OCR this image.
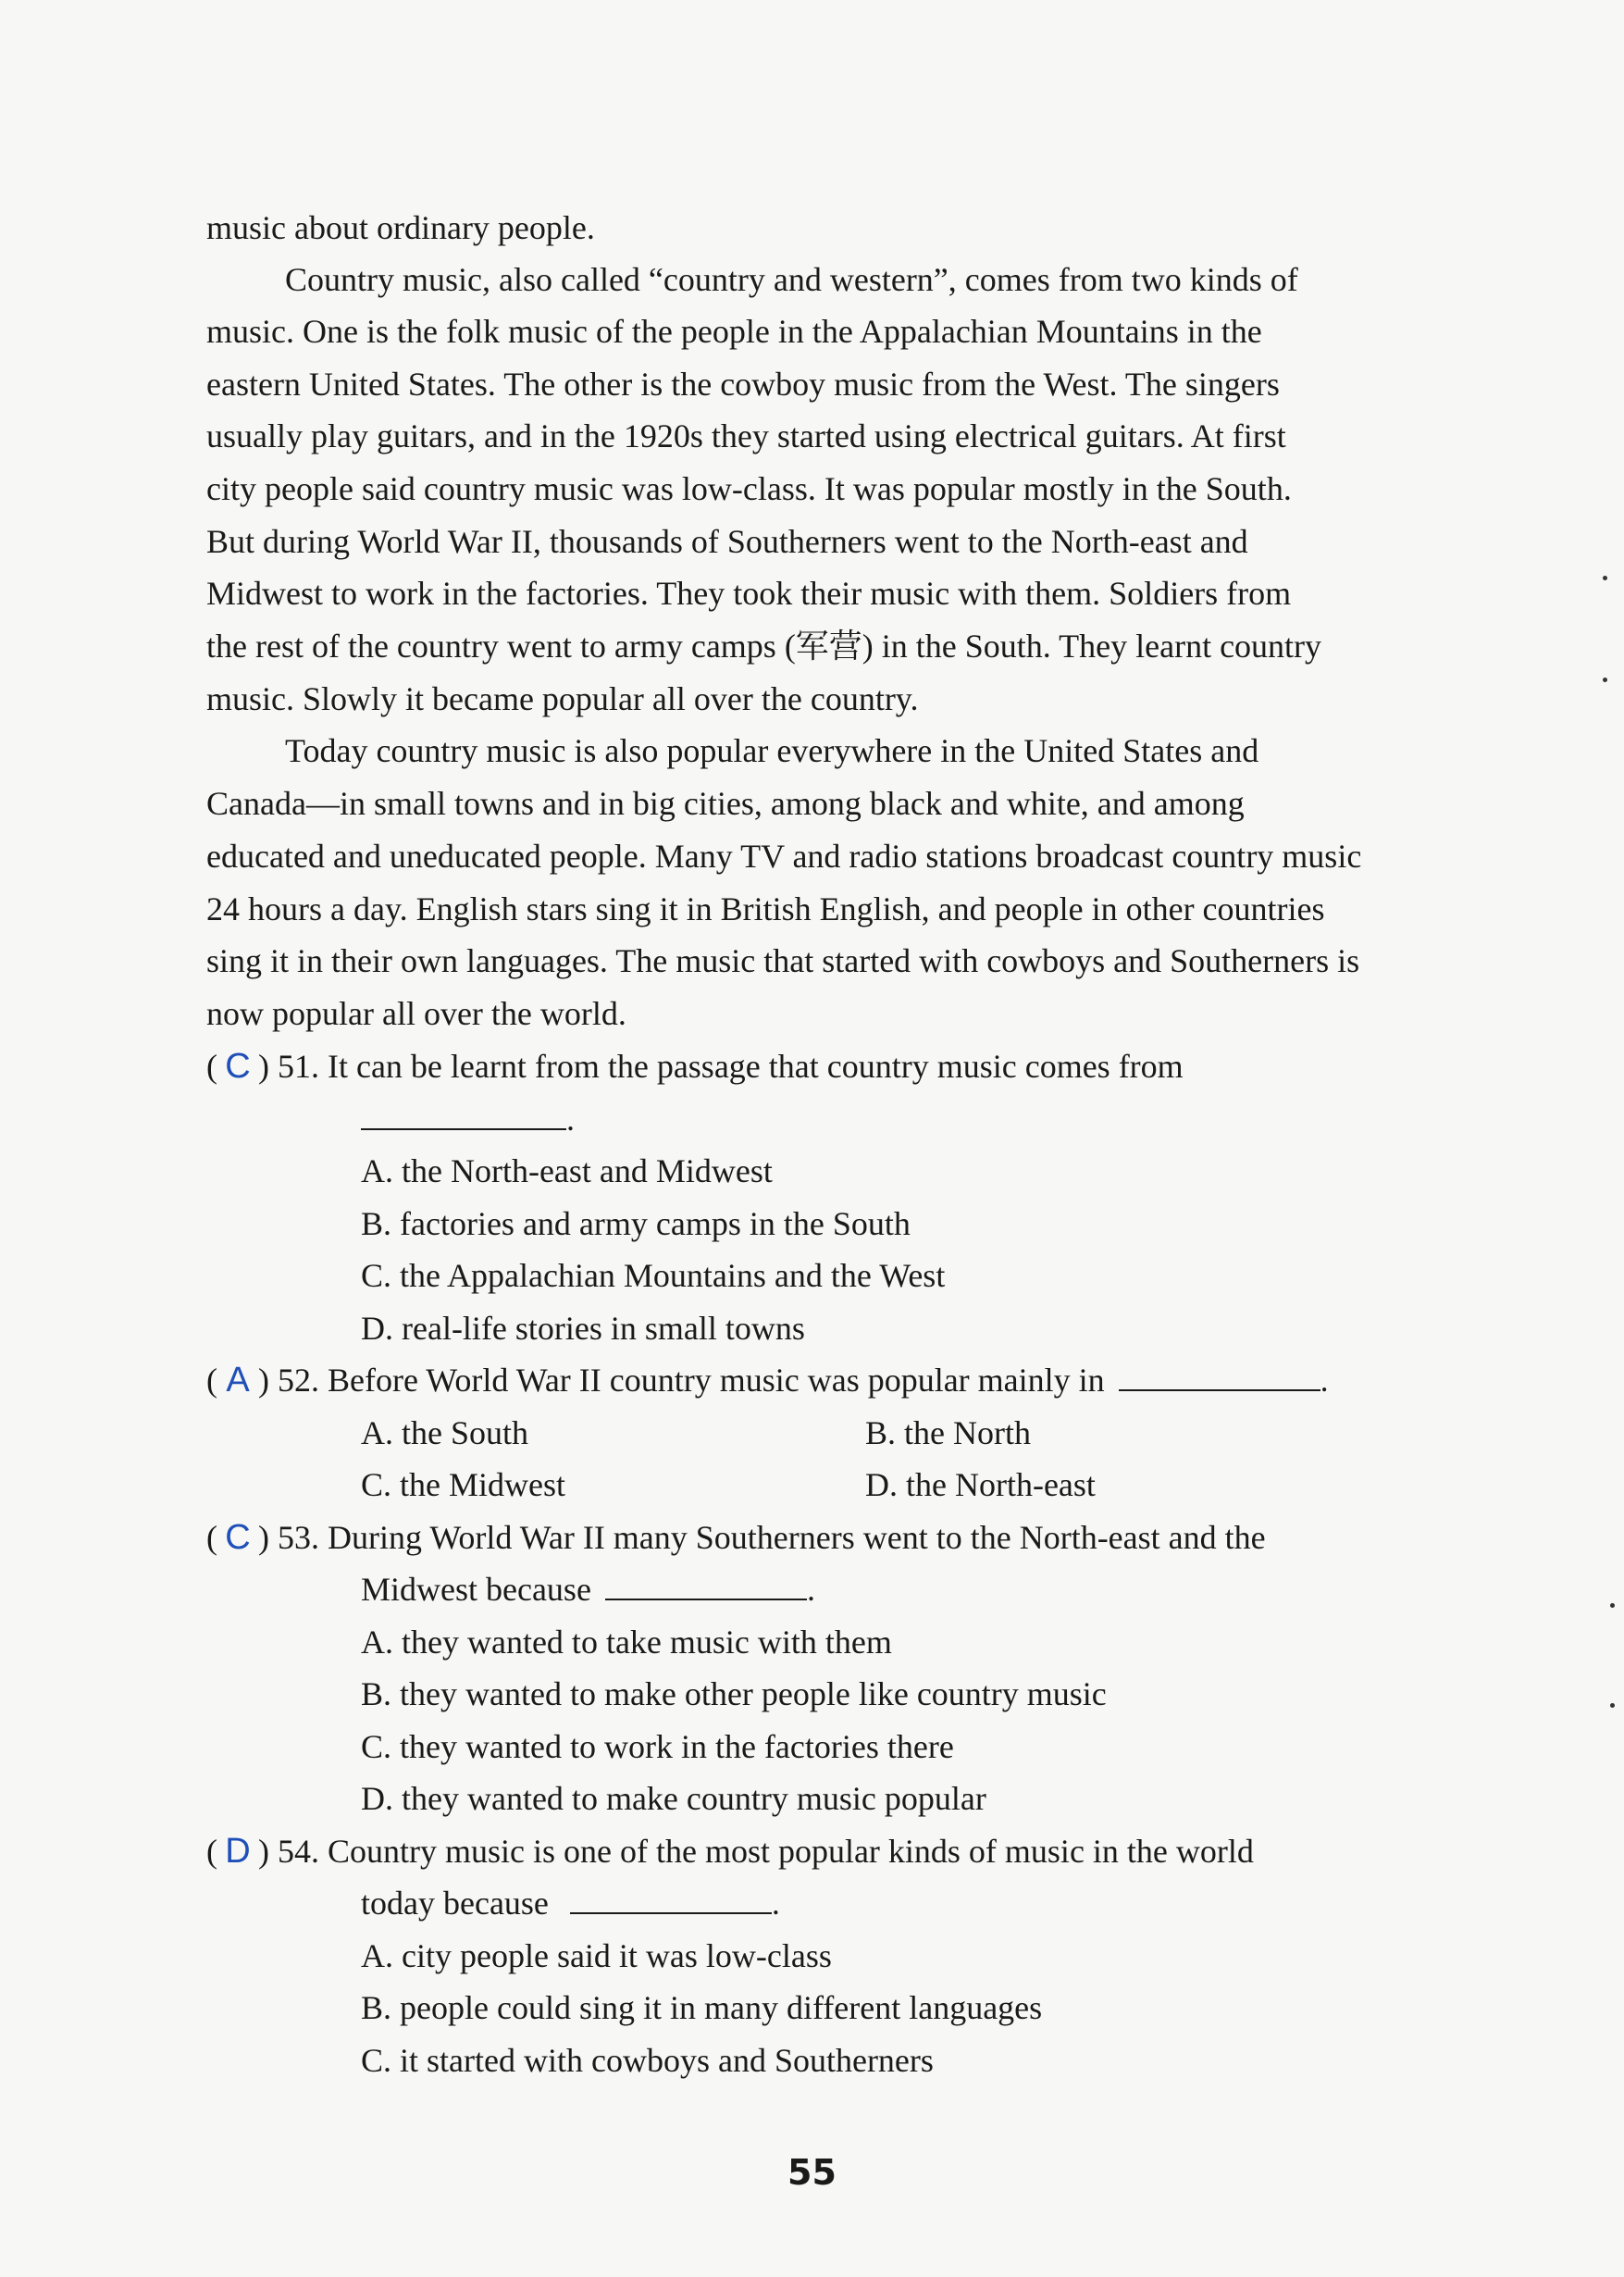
music about ordinary people.
Country music, also called “country and western”, comes from two kinds of
music. One is the folk music of the people in the Appalachian Mountains in the
eastern United States. The other is the cowboy music from the West. The singers
usually play guitars, and in the 1920s they started using electrical guitars. At first
city people said country music was low-class. It was popular mostly in the South.
But during World War II, thousands of Southerners went to the North-east and
Midwest to work in the factories. They took their music with them. Soldiers from
the rest of the country went to army camps (军营) in the South. They learnt country
music. Slowly it became popular all over the country.
Today country music is also popular everywhere in the United States and
Canada—in small towns and in big cities, among black and white, and among
educated and uneducated people. Many TV and radio stations broadcast country music
24 hours a day. English stars sing it in British English, and people in other countries
sing it in their own languages. The music that started with cowboys and Southerners is
now popular all over the world.
( C ) 51. It can be learnt from the passage that country music comes from
.
A. the North-east and Midwest
B. factories and army camps in the South
C. the Appalachian Mountains and the West
D. real-life stories in small towns
( A ) 52. Before World War II country music was popular mainly in	.
A. the South	B. the North
C. the Midwest	D. the North-east
( C ) 53. During World War II many Southerners went to the North-east and the
Midwest because	.
A. they wanted to take music with them
B. they wanted to make other people like country music
C. they wanted to work in the factories there
D. they wanted to make country music popular
( D ) 54. Country music is one of the most popular kinds of music in the world
today because	.
A. city people said it was low-class
B. people could sing it in many different languages
C. it started with cowboys and Southerners
55
